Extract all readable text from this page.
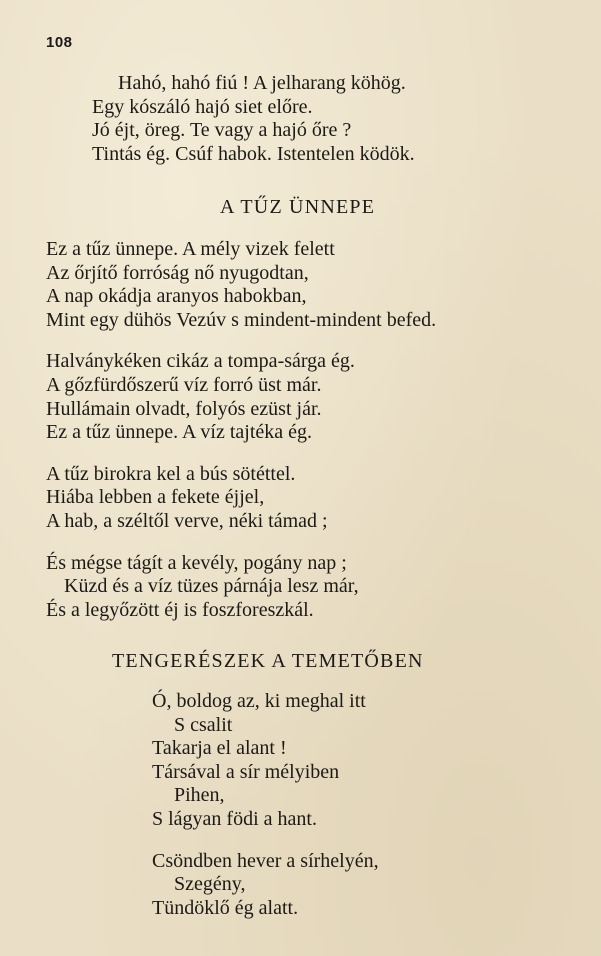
108
Hahó, hahó fiú ! A jelharang köhög.
Egy kószáló hajó siet előre.
Jó éjt, öreg. Te vagy a hajó őre ?
Tintás ég. Csúf habok. Istentelen ködök.
A TŰZ ÜNNEPE
Ez a tűz ünnepe. A mély vizek felett
Az őrjítő forróság nő nyugodtan,
A nap okádja aranyos habokban,
Mint egy dühös Vezúv s mindent-mindent befed.
Halványkéken cikáz a tompa-sárga ég.
A gőzfürdőszerű víz forró üst már.
Hullámain olvadt, folyós ezüst jár.
Ez a tűz ünnepe. A víz tajtéka ég.
A tűz birokra kel a bús sötéttel.
Hiába lebben a fekete éjjel,
A hab, a széltől verve, néki támad ;
És mégse tágít a kevély, pogány nap ;
Küzd és a víz tüzes párnája lesz már,
És a legyőzött éj is foszforeszkál.
TENGERÉSZEK A TEMETŐBEN
Ó, boldog az, ki meghal itt
S csalit
Takarja el alant !
Társával a sír mélyiben
Pihen,
S lágyan födi a hant.
Csöndben hever a sírhelyén,
Szegény,
Tündöklő ég alatt.
